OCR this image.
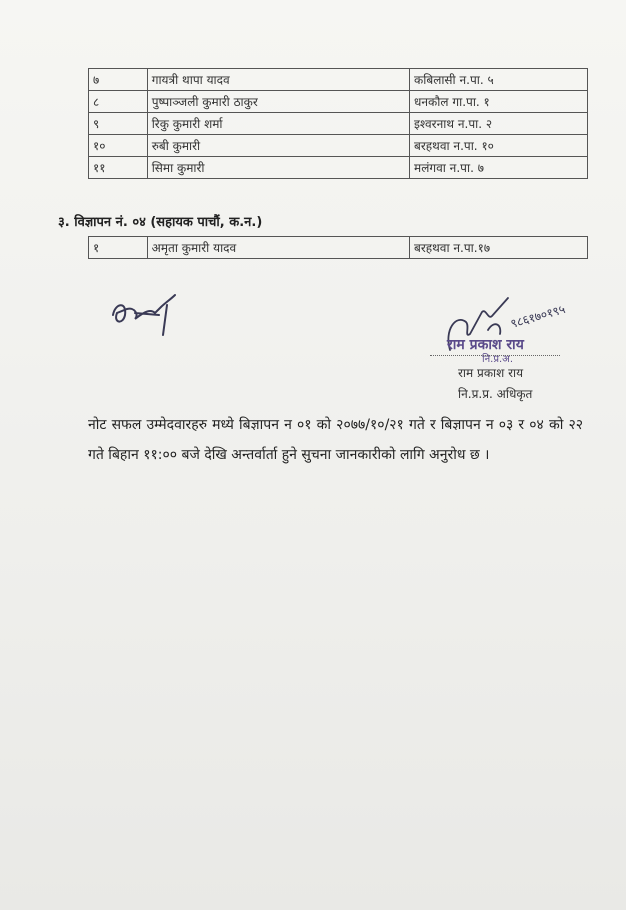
७	गायत्री थापा यादव	कबिलासी न.पा. ५
८	पुष्पाञ्जली कुमारी ठाकुर	धनकौल गा.पा. १
९	रिकु कुमारी शर्मा	इश्वरनाथ न.पा. २
१०	रुबी कुमारी	बरहथवा न.पा. १०
११	सिमा कुमारी	मलंगवा न.पा. ७
३. विज्ञापन नं. ०४ (सहायक पाचौं, क.न.)
१	अमृता कुमारी यादव	बरहथवा न.पा.१७
९८६१७०१९५
नि.प्र.अ.
राम प्रकाश राय
राम प्रकाश राय
नि.प्र.प्र. अधिकृत
नोट सफल उम्मेदवारहरु मध्ये बिज्ञापन न ०१ को २०७७/१०/२१ गते र बिज्ञापन न ०३ र ०४ को २२ गते बिहान ११:०० बजे देखि अन्तर्वार्ता हुने सुचना जानकारीको लागि अनुरोध छ ।
